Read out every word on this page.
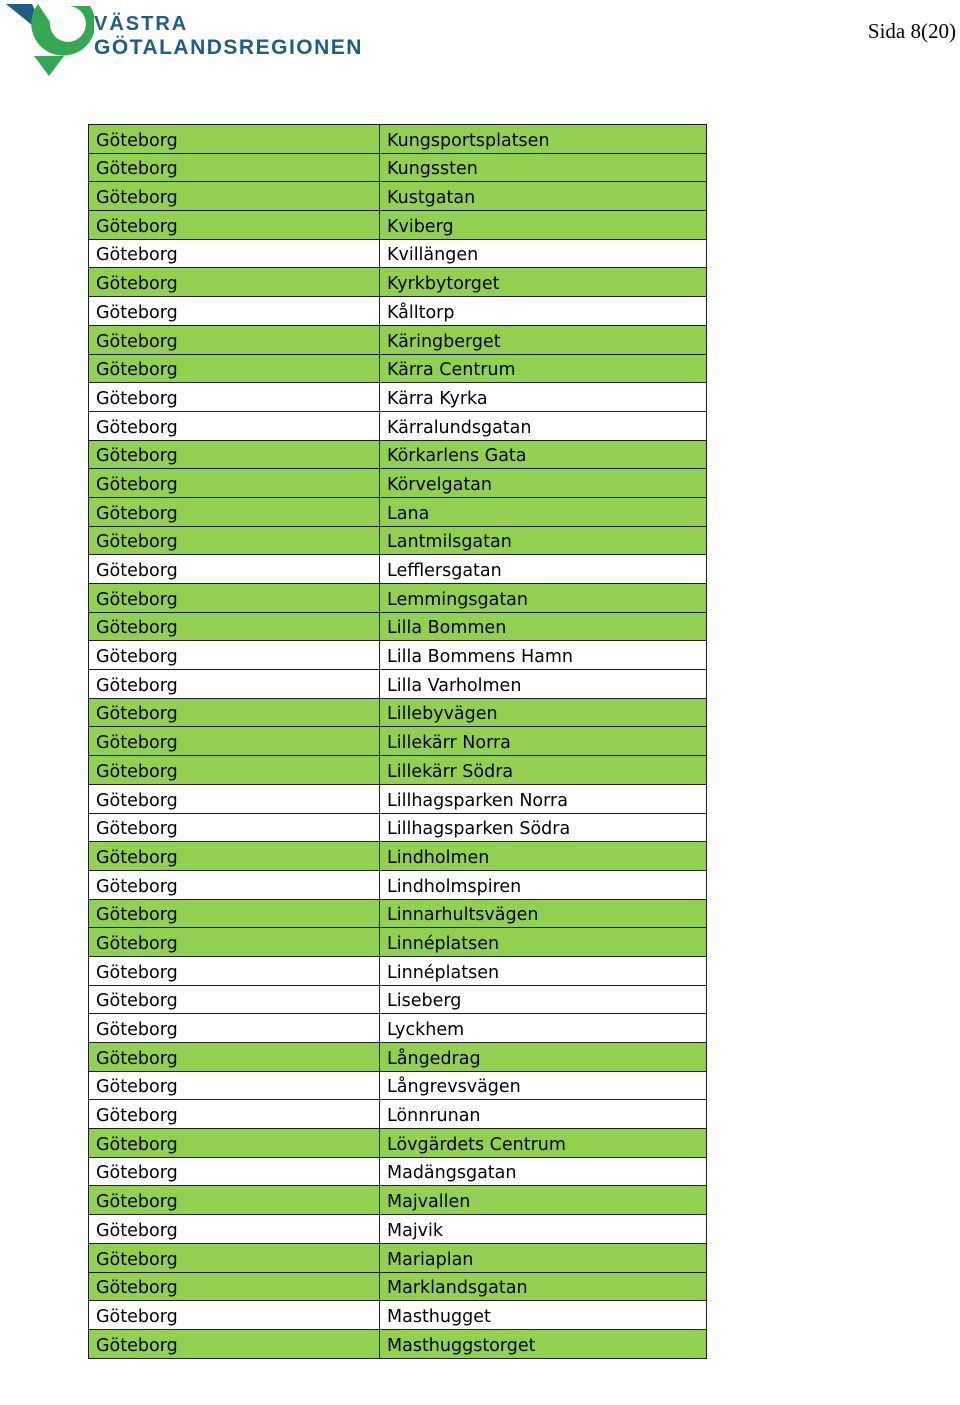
VÄSTRA
GÖTALANDSREGIONEN
Sida 8(20)
Göteborg	Kungsportsplatsen
Göteborg	Kungssten
Göteborg	Kustgatan
Göteborg	Kviberg
Göteborg	Kvillängen
Göteborg	Kyrkbytorget
Göteborg	Kålltorp
Göteborg	Käringberget
Göteborg	Kärra Centrum
Göteborg	Kärra Kyrka
Göteborg	Kärralundsgatan
Göteborg	Körkarlens Gata
Göteborg	Körvelgatan
Göteborg	Lana
Göteborg	Lantmilsgatan
Göteborg	Lefflersgatan
Göteborg	Lemmingsgatan
Göteborg	Lilla Bommen
Göteborg	Lilla Bommens Hamn
Göteborg	Lilla Varholmen
Göteborg	Lillebyvägen
Göteborg	Lillekärr Norra
Göteborg	Lillekärr Södra
Göteborg	Lillhagsparken Norra
Göteborg	Lillhagsparken Södra
Göteborg	Lindholmen
Göteborg	Lindholmspiren
Göteborg	Linnarhultsvägen
Göteborg	Linnéplatsen
Göteborg	Linnéplatsen
Göteborg	Liseberg
Göteborg	Lyckhem
Göteborg	Långedrag
Göteborg	Långrevsvägen
Göteborg	Lönnrunan
Göteborg	Lövgärdets Centrum
Göteborg	Madängsgatan
Göteborg	Majvallen
Göteborg	Majvik
Göteborg	Mariaplan
Göteborg	Marklandsgatan
Göteborg	Masthugget
Göteborg	Masthuggstorget
